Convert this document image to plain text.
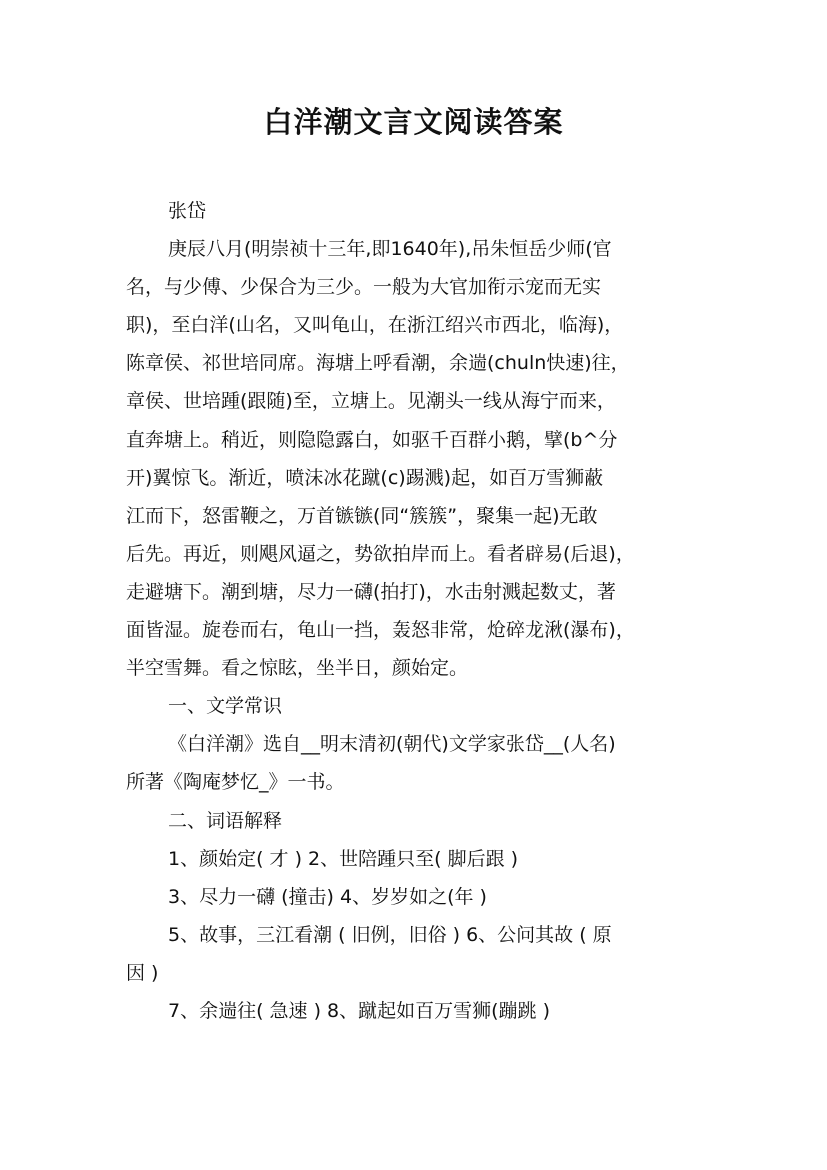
白洋潮文言文阅读答案

张岱

庚辰八月(明崇祯十三年,即1640年),吊朱恒岳少师(官

名，与少傅、少保合为三少。一般为大官加衔示宠而无实

职)，至白洋(山名，又叫龟山，在浙江绍兴市西北，临海)，

陈章侯、祁世培同席。海塘上呼看潮，余遄(chuln快速)往，

章侯、世培踵(跟随)至，立塘上。见潮头一线从海宁而来，

直奔塘上。稍近，则隐隐露白，如驱千百群小鹅，擘(b^分

开)翼惊飞。渐近，喷沫冰花蹴(c)踢溅)起，如百万雪狮蔽

江而下，怒雷鞭之，万首镞镞(同“簇簇”，聚集一起)无敢

后先。再近，则飓风逼之，势欲拍岸而上。看者辟易(后退)，

走避塘下。潮到塘，尽力一礴(拍打)，水击射溅起数丈，著

面皆湿。旋卷而右，龟山一挡，轰怒非常，炝碎龙湫(瀑布)，

半空雪舞。看之惊眩，坐半日，颜始定。

一、文学常识

《白洋潮》选自__明末清初(朝代)文学家张岱__(人名)

所著《陶庵梦忆_》一书。

二、词语解释

1、颜始定( 才 ) 2、世陪踵只至( 脚后跟 )

3、尽力一礴 (撞击) 4、岁岁如之(年 )

5、故事，三江看潮 ( 旧例，旧俗 ) 6、公问其故 ( 原

因 )

7、余遄往( 急速 ) 8、蹴起如百万雪狮(蹦跳 )
